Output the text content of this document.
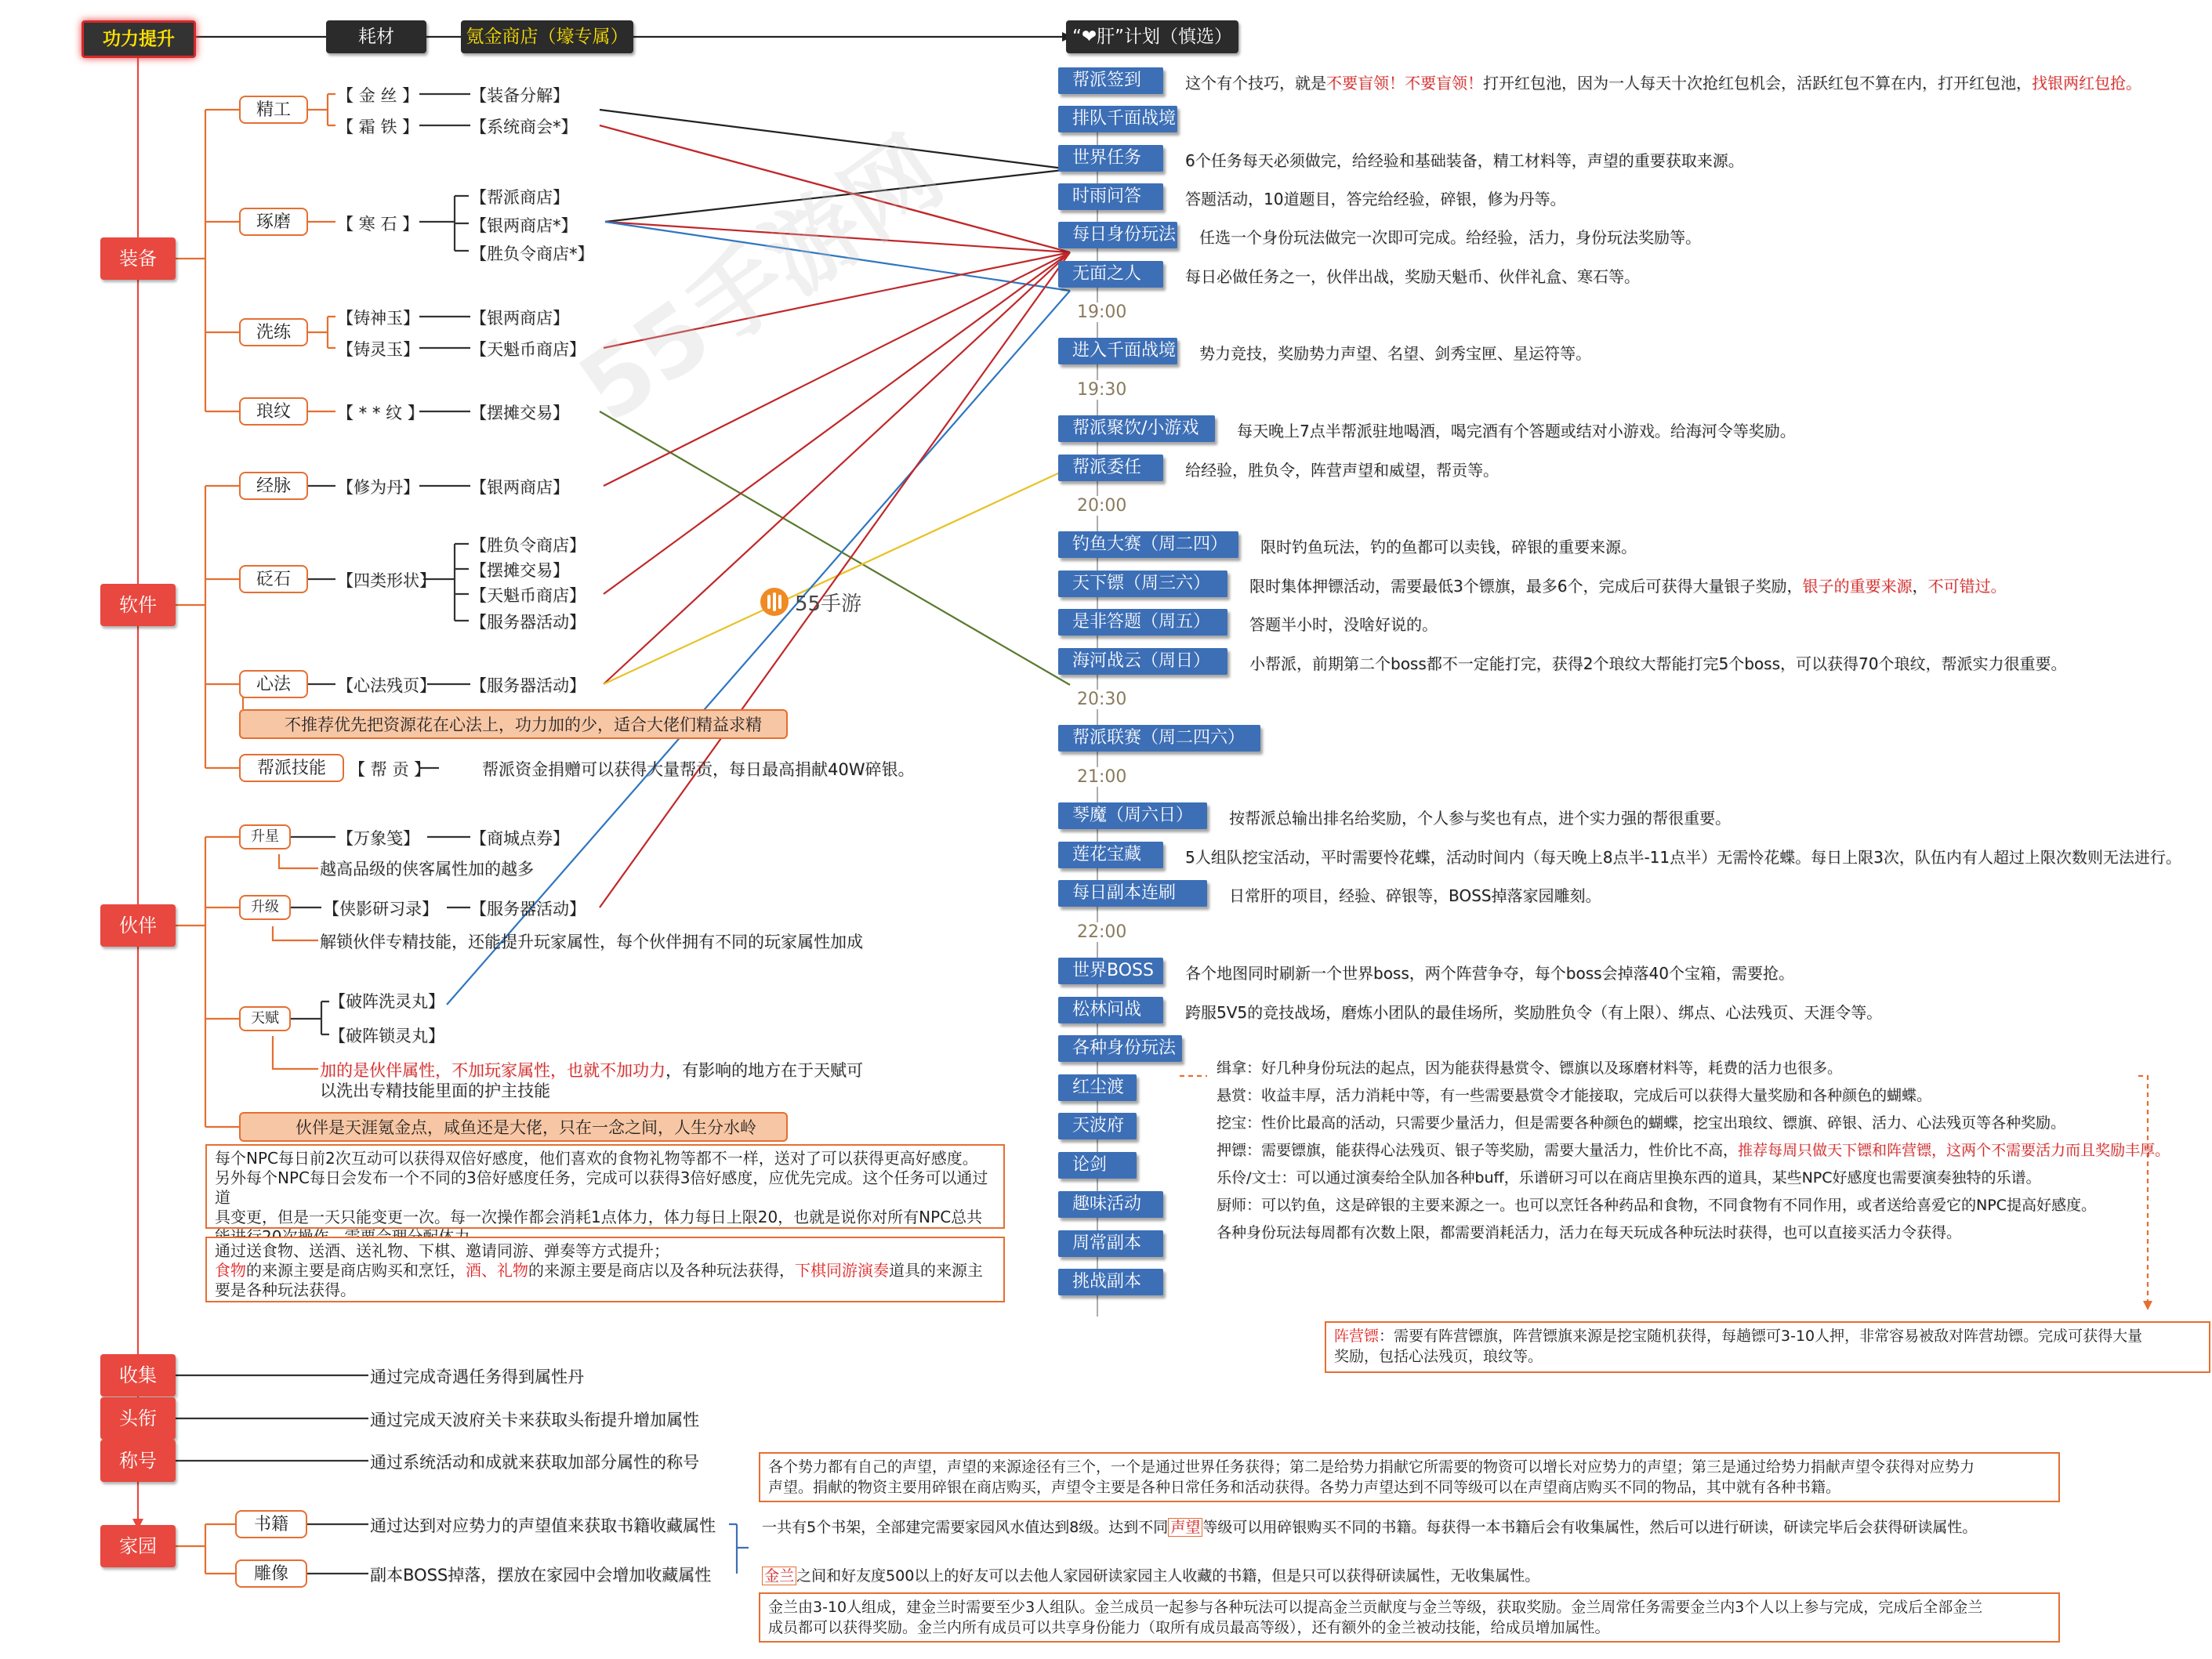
55手游网
功力提升	耗材	氪金商店（壕专属）	“❤肝”计划（慎选）
装备
软件
伙伴
收集
头衔
称号
家园
精工
【 金 丝 】
【 霜 铁 】
【装备分解】
【系统商会*】
琢磨	【 寒 石 】
【帮派商店】
【银两商店*】
【胜负令商店*】
洗练
【铸神玉】
【铸灵玉】
【银两商店】
【天魁币商店】
琅纹	【 * * 纹 】	【摆摊交易】
经脉	【修为丹】	【银两商店】
砭石	【四类形状】
【胜负令商店】
【摆摊交易】
【天魁币商店】
【服务器活动】
心法	【心法残页】 【服务器活动】
不推荐优先把资源花在心法上，功力加的少，适合大佬们精益求精
帮派技能	【 帮 贡 】	帮派资金捐赠可以获得大量帮贡，每日最高捐献40W碎银。
升星	【万象笺】	【商城点券】
越高品级的侠客属性加的越多
升级	【侠影研习录】 【服务器活动】
解锁伙伴专精技能，还能提升玩家属性，每个伙伴拥有不同的玩家属性加成
天赋
【破阵洗灵丸】
【破阵锁灵丸】
加的是伙伴属性，不加玩家属性，也就不加功力，有影响的地方在于天赋可
以洗出专精技能里面的护主技能
伙伴是天涯氪金点，咸鱼还是大佬，只在一念之间，人生分水岭
每个NPC每日前2次互动可以获得双倍好感度，他们喜欢的食物礼物等都不一样，送对了可以获得更高好感度。
另外每个NPC每日会发布一个不同的3倍好感度任务，完成可以获得3倍好感度，应优先完成。这个任务可以通过道
具变更，但是一天只能变更一次。每一次操作都会消耗1点体力，体力每日上限20，也就是说你对所有NPC总共
通过送食物、送酒、送礼物、下棋、邀请同游、弹奏等方式提升；
食物的来源主要是商店购买和烹饪，酒、礼物的来源主要是商店以及各种玩法获得，下棋同游演奏道具的来源主
要是各种玩法获得。
通过完成奇遇任务得到属性丹
通过完成天波府关卡来获取头衔提升增加属性
通过系统活动和成就来获取加部分属性的称号
书籍	通过达到对应势力的声望值来获取书籍收藏属性
雕像	副本BOSS掉落，摆放在家园中会增加收藏属性
各个势力都有自己的声望，声望的来源途径有三个，一个是通过世界任务获得；第二是给势力捐献它所需要的物资可以增长对应势力的声望；第三是通过给势力捐献声望令获得对应势力
声望。捐献的物资主要用碎银在商店购买，声望令主要是各种日常任务和活动获得。各势力声望达到不同等级可以在声望商店购买不同的物品，其中就有各种书籍。
一共有5个书架，全部建完需要家园风水值达到8级。达到不同 声望 等级可以用碎银购买不同的书籍。每获得一本书籍后会有收集属性，然后可以进行研读，研读完毕后会获得研读属性。
金兰 之间和好友度500以上的好友可以去他人家园研读家园主人收藏的书籍，但是只可以获得研读属性，无收集属性。
金兰由3-10人组成，建金兰时需要至少3人组队。金兰成员一起参与各种玩法可以提高金兰贡献度与金兰等级，获取奖励。金兰周常任务需要金兰内3个人以上参与完成，完成后全部金兰
成员都可以获得奖励。金兰内所有成员可以共享身份能力（取所有成员最高等级），还有额外的金兰被动技能，给成员增加属性。
55手游
帮派签到	这个有个技巧，就是不要盲领！不要盲领！打开红包池，因为一人每天十次抢红包机会，活跃红包不算在内，打开红包池，找银两红包抢。
排队千面战境
世界任务	6个任务每天必须做完，给经验和基础装备，精工材料等，声望的重要获取来源。
时雨问答	答题活动，10道题目，答完给经验，碎银，修为丹等。
每日身份玩法 任选一个身份玩法做完一次即可完成。给经验，活力，身份玩法奖励等。
无面之人	每日必做任务之一，伙伴出战，奖励天魁币、伙伴礼盒、寒石等。
进入千面战境 势力竞技，奖励势力声望、名望、剑秀宝匣、星运符等。
帮派聚饮/小游戏	每天晚上7点半帮派驻地喝酒，喝完酒有个答题或结对小游戏。给海河令等奖励。
帮派委任	给经验，胜负令，阵营声望和威望，帮贡等。
钓鱼大赛（周二四）	限时钓鱼玩法，钓的鱼都可以卖钱，碎银的重要来源。
天下镖（周三六）	限时集体押镖活动，需要最低3个镖旗，最多6个，完成后可获得大量银子奖励，银子的重要来源，不可错过。
是非答题（周五）	答题半小时，没啥好说的。
海河战云（周日）	小帮派，前期第二个boss都不一定能打完，获得2个琅纹大帮能打完5个boss，可以获得70个琅纹，帮派实力很重要。
帮派联赛（周二四六）
琴魔（周六日）	按帮派总输出排名给奖励，个人参与奖也有点，进个实力强的帮很重要。
莲花宝藏	5人组队挖宝活动，平时需要怜花蝶，活动时间内（每天晚上8点半-11点半）无需怜花蝶。每日上限3次，队伍内有人超过上限次数则无法进行。
每日副本连刷	日常肝的项目，经验、碎银等，BOSS掉落家园雕刻。
世界BOSS	各个地图同时刷新一个世界boss，两个阵营争夺，每个boss会掉落40个宝箱，需要抢。
松林问战	跨服5V5的竞技战场，磨炼小团队的最佳场所，奖励胜负令（有上限）、绑点、心法残页、天涯令等。
各种身份玩法
红尘渡
天波府
论剑
趣味活动
周常副本
挑战副本
19:00
19:30
20:00
20:30
21:00
22:00
缉拿：好几种身份玩法的起点，因为能获得悬赏令、镖旗以及琢磨材料等，耗费的活力也很多。
悬赏：收益丰厚，活力消耗中等，有一些需要悬赏令才能接取，完成后可以获得大量奖励和各种颜色的蝴蝶。
挖宝：性价比最高的活动，只需要少量活力，但是需要各种颜色的蝴蝶，挖宝出琅纹、镖旗、碎银、活力、心法残页等各种奖励。
押镖：需要镖旗，能获得心法残页、银子等奖励，需要大量活力，性价比不高，推荐每周只做天下镖和阵营镖，这两个不需要活力而且奖励丰厚。
乐伶/文士：可以通过演奏给全队加各种buff，乐谱研习可以在商店里换东西的道具，某些NPC好感度也需要演奏独特的乐谱。
厨师：可以钓鱼，这是碎银的主要来源之一。也可以烹饪各种药品和食物，不同食物有不同作用，或者送给喜爱它的NPC提高好感度。
各种身份玩法每周都有次数上限，都需要消耗活力，活力在每天玩成各种玩法时获得，也可以直接买活力令获得。
阵营镖：需要有阵营镖旗，阵营镖旗来源是挖宝随机获得，每趟镖可3-10人押，非常容易被敌对阵营劫镖。完成可获得大量
奖励，包括心法残页，琅纹等。
